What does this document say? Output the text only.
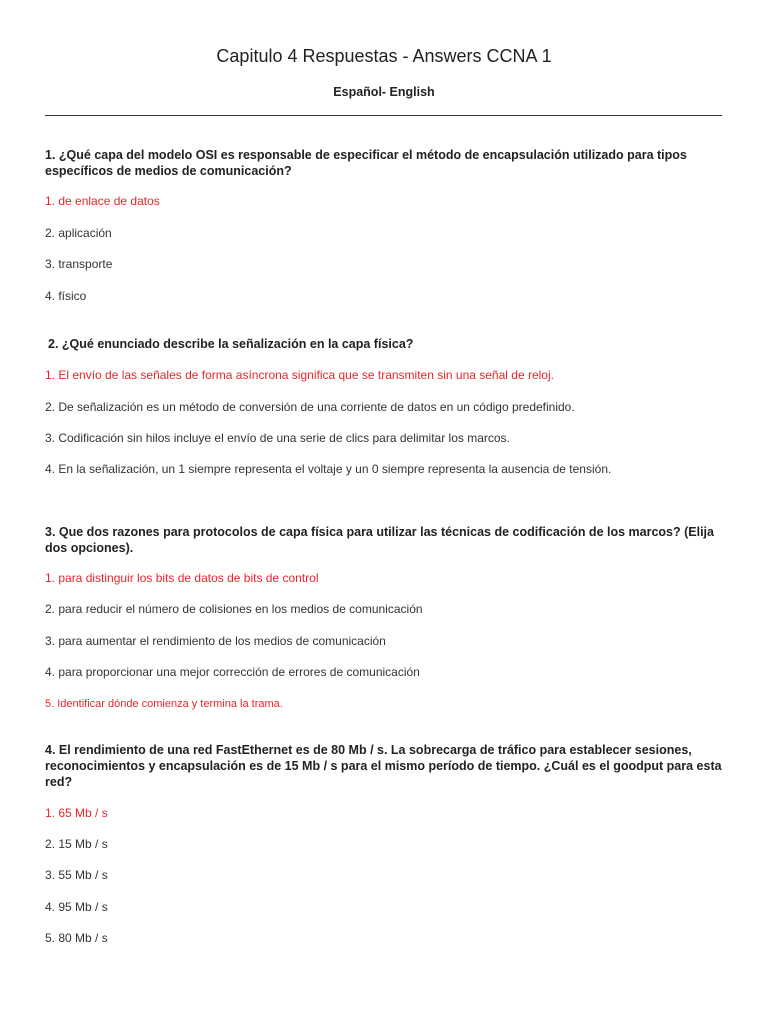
Capitulo 4 Respuestas - Answers CCNA 1
Español- English
1. ¿Qué capa del modelo OSI es responsable de especificar el método de encapsulación utilizado para tipos específicos de medios de comunicación?
1. de enlace de datos
2. aplicación
3. transporte
4. físico
2. ¿Qué enunciado describe la señalización en la capa física?
1. El envío de las señales de forma asíncrona significa que se transmiten sin una señal de reloj.
2. De señalización es un método de conversión de una corriente de datos en un código predefinido.
3. Codificación sin hilos incluye el envío de una serie de clics para delimitar los marcos.
4. En la señalización, un 1 siempre representa el voltaje y un 0 siempre representa la ausencia de tensión.
3. Que dos razones para protocolos de capa física para utilizar las técnicas de codificación de los marcos? (Elija dos opciones).
1. para distinguir los bits de datos de bits de control
2. para reducir el número de colisiones en los medios de comunicación
3. para aumentar el rendimiento de los medios de comunicación
4. para proporcionar una mejor corrección de errores de comunicación
5. Identificar dónde comienza y termina la trama.
4. El rendimiento de una red FastEthernet es de 80 Mb / s. La sobrecarga de tráfico para establecer sesiones, reconocimientos y encapsulación es de 15 Mb / s para el mismo período de tiempo. ¿Cuál es el goodput para esta red?
1. 65 Mb / s
2. 15 Mb / s
3. 55 Mb / s
4. 95 Mb / s
5. 80 Mb / s
